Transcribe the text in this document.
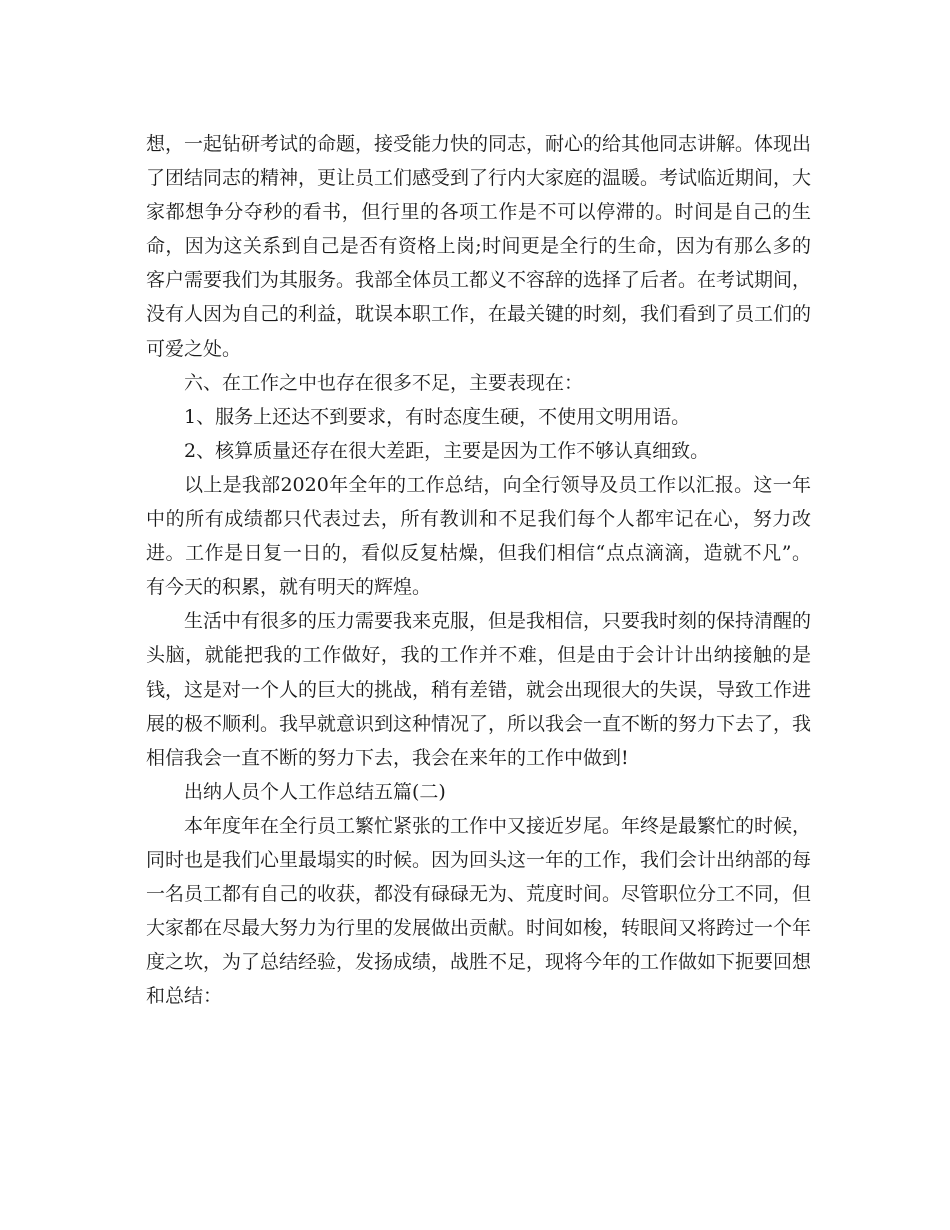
想，一起钻研考试的命题，接受能力快的同志，耐心的给其他同志讲解。体现出了团结同志的精神，更让员工们感受到了行内大家庭的温暖。考试临近期间，大家都想争分夺秒的看书，但行里的各项工作是不可以停滞的。时间是自己的生命，因为这关系到自己是否有资格上岗;时间更是全行的生命，因为有那么多的客户需要我们为其服务。我部全体员工都义不容辞的选择了后者。在考试期间，没有人因为自己的利益，耽误本职工作，在最关键的时刻，我们看到了员工们的可爱之处。

六、在工作之中也存在很多不足，主要表现在：

1、服务上还达不到要求，有时态度生硬，不使用文明用语。

2、核算质量还存在很大差距，主要是因为工作不够认真细致。

以上是我部2020年全年的工作总结，向全行领导及员工作以汇报。这一年中的所有成绩都只代表过去，所有教训和不足我们每个人都牢记在心，努力改进。工作是日复一日的，看似反复枯燥，但我们相信“点点滴滴，造就不凡”。有今天的积累，就有明天的辉煌。

生活中有很多的压力需要我来克服，但是我相信，只要我时刻的保持清醒的头脑，就能把我的工作做好，我的工作并不难，但是由于会计计出纳接触的是钱，这是对一个人的巨大的挑战，稍有差错，就会出现很大的失误，导致工作进展的极不顺利。我早就意识到这种情况了，所以我会一直不断的努力下去了，我相信我会一直不断的努力下去，我会在来年的工作中做到!

出纳人员个人工作总结五篇(二)

本年度年在全行员工繁忙紧张的工作中又接近岁尾。年终是最繁忙的时候，同时也是我们心里最塌实的时候。因为回头这一年的工作，我们会计出纳部的每一名员工都有自己的收获，都没有碌碌无为、荒度时间。尽管职位分工不同，但大家都在尽最大努力为行里的发展做出贡献。时间如梭，转眼间又将跨过一个年度之坎，为了总结经验，发扬成绩，战胜不足，现将今年的工作做如下扼要回想和总结：
